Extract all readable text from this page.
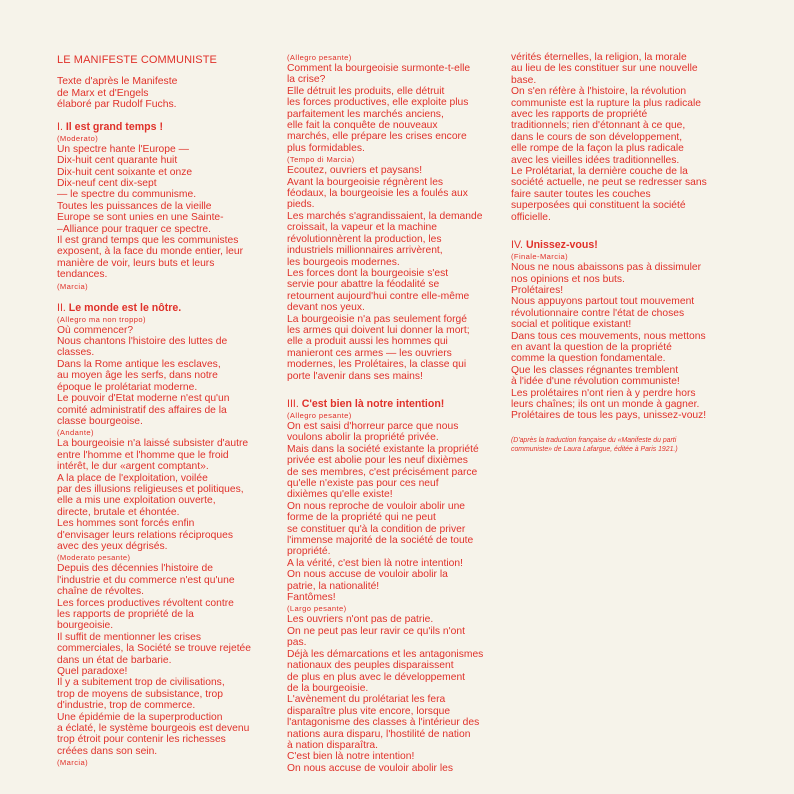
LE MANIFESTE COMMUNISTE

Texte d'après le Manifeste
de Marx et d'Engels
élaboré par Rudolf Fuchs.

I. Il est grand temps !

(Moderato)

Un spectre hante l'Europe —
Dix-huit cent quarante huit
Dix-huit cent soixante et onze
Dix-neuf cent dix-sept
— le spectre du communisme.
Toutes les puissances de la vieille
Europe se sont unies en une Sainte-
–Alliance pour traquer ce spectre.
Il est grand temps que les communistes
exposent, à la face du monde entier, leur
manière de voir, leurs buts et leurs
tendances.

(Marcia)

II. Le monde est le nôtre.

(Allegro ma non troppo)

Où commencer?
Nous chantons l'histoire des luttes de
classes.
Dans la Rome antique les esclaves,
au moyen âge les serfs, dans notre
époque le prolétariat moderne.
Le pouvoir d'Etat moderne n'est qu'un
comité administratif des affaires de la
classe bourgeoise.

(Andante)

La bourgeoisie n'a laissé subsister d'autre
entre l'homme et l'homme que le froid
intérêt, le dur «argent comptant».
A la place de l'exploitation, voilée
par des illusions religieuses et politiques,
elle a mis une exploitation ouverte,
directe, brutale et éhontée.
Les hommes sont forcés enfin
d'envisager leurs relations réciproques
avec des yeux dégrisés.

(Moderato pesante)

Depuis des décennies l'histoire de
l'industrie et du commerce n'est qu'une
chaîne de révoltes.
Les forces productives révoltent contre
les rapports de propriété de la
bourgeoisie.
Il suffit de mentionner les crises
commerciales, la Société se trouve rejetée
dans un état de barbarie.
Quel paradoxe!
Il y a subitement trop de civilisations,
trop de moyens de subsistance, trop
d'industrie, trop de commerce.
Une épidémie de la superproduction
a éclaté, le système bourgeois est devenu
trop étroit pour contenir les richesses
créées dans son sein.

(Marcia)

(Allegro pesante)

Comment la bourgeoisie surmonte-t-elle
la crise?
Elle détruit les produits, elle détruit
les forces productives, elle exploite plus
parfaitement les marchés anciens,
elle fait la conquête de nouveaux
marchés, elle prépare les crises encore
plus formidables.

(Tempo di Marcia)

Ecoutez, ouvriers et paysans!
Avant la bourgeoisie régnèrent les
féodaux, la bourgeoisie les a foulés aux
pieds.
Les marchés s'agrandissaient, la demande
croissait, la vapeur et la machine
révolutionnèrent la production, les
industriels millionnaires arrivèrent,
les bourgeois modernes.
Les forces dont la bourgeoisie s'est
servie pour abattre la féodalité se
retournent aujourd'hui contre elle-même
devant nos yeux.
La bourgeoisie n'a pas seulement forgé
les armes qui doivent lui donner la mort;
elle a produit aussi les hommes qui
manieront ces armes — les ouvriers
modernes, les Prolétaires, la classe qui
porte l'avenir dans ses mains!

III. C'est bien là notre intention!

(Allegro pesante)

On est saisi d'horreur parce que nous
voulons abolir la propriété privée.
Mais dans la société existante la propriété
privée est abolie pour les neuf dixièmes
de ses membres, c'est précisément parce
qu'elle n'existe pas pour ces neuf
dixièmes qu'elle existe!
On nous reproche de vouloir abolir une
forme de la propriété qui ne peut
se constituer qu'à la condition de priver
l'immense majorité de la société de toute
propriété.
A la vérité, c'est bien là notre intention!
On nous accuse de vouloir abolir la
patrie, la nationalité!
Fantômes!

(Largo pesante)

Les ouvriers n'ont pas de patrie.
On ne peut pas leur ravir ce qu'ils n'ont
pas.
Déjà les démarcations et les antagonismes
nationaux des peuples disparaissent
de plus en plus avec le développement
de la bourgeoisie.
L'avènement du prolétariat les fera
disparaître plus vite encore, lorsque
l'antagonisme des classes à l'intérieur des
nations aura disparu, l'hostilité de nation
à nation disparaîtra.
C'est bien là notre intention!
On nous accuse de vouloir abolir les

vérités éternelles, la religion, la morale
au lieu de les constituer sur une nouvelle
base.
On s'en réfère à l'histoire, la révolution
communiste est la rupture la plus radicale
avec les rapports de propriété
traditionnels; rien d'étonnant à ce que,
dans le cours de son développement,
elle rompe de la façon la plus radicale
avec les vieilles idées traditionnelles.
Le Prolétariat, la dernière couche de la
société actuelle, ne peut se redresser sans
faire sauter toutes les couches
superposées qui constituent la société
officielle.

IV. Unissez-vous!

(Finale-Marcia)

Nous ne nous abaissons pas à dissimuler
nos opinions et nos buts.
Prolétaires!
Nous appuyons partout tout mouvement
révolutionnaire contre l'état de choses
social et politique existant!
Dans tous ces mouvements, nous mettons
en avant la question de la propriété
comme la question fondamentale.
Que les classes régnantes tremblent
à l'idée d'une révolution communiste!
Les prolétaires n'ont rien à y perdre hors
leurs chaînes; ils ont un monde à gagner.
Prolétaires de tous les pays, unissez-vouz!

(D'après la traduction française du «Manifeste du parti
communiste» de Laura Lafargue, éditée à Paris 1921.)
